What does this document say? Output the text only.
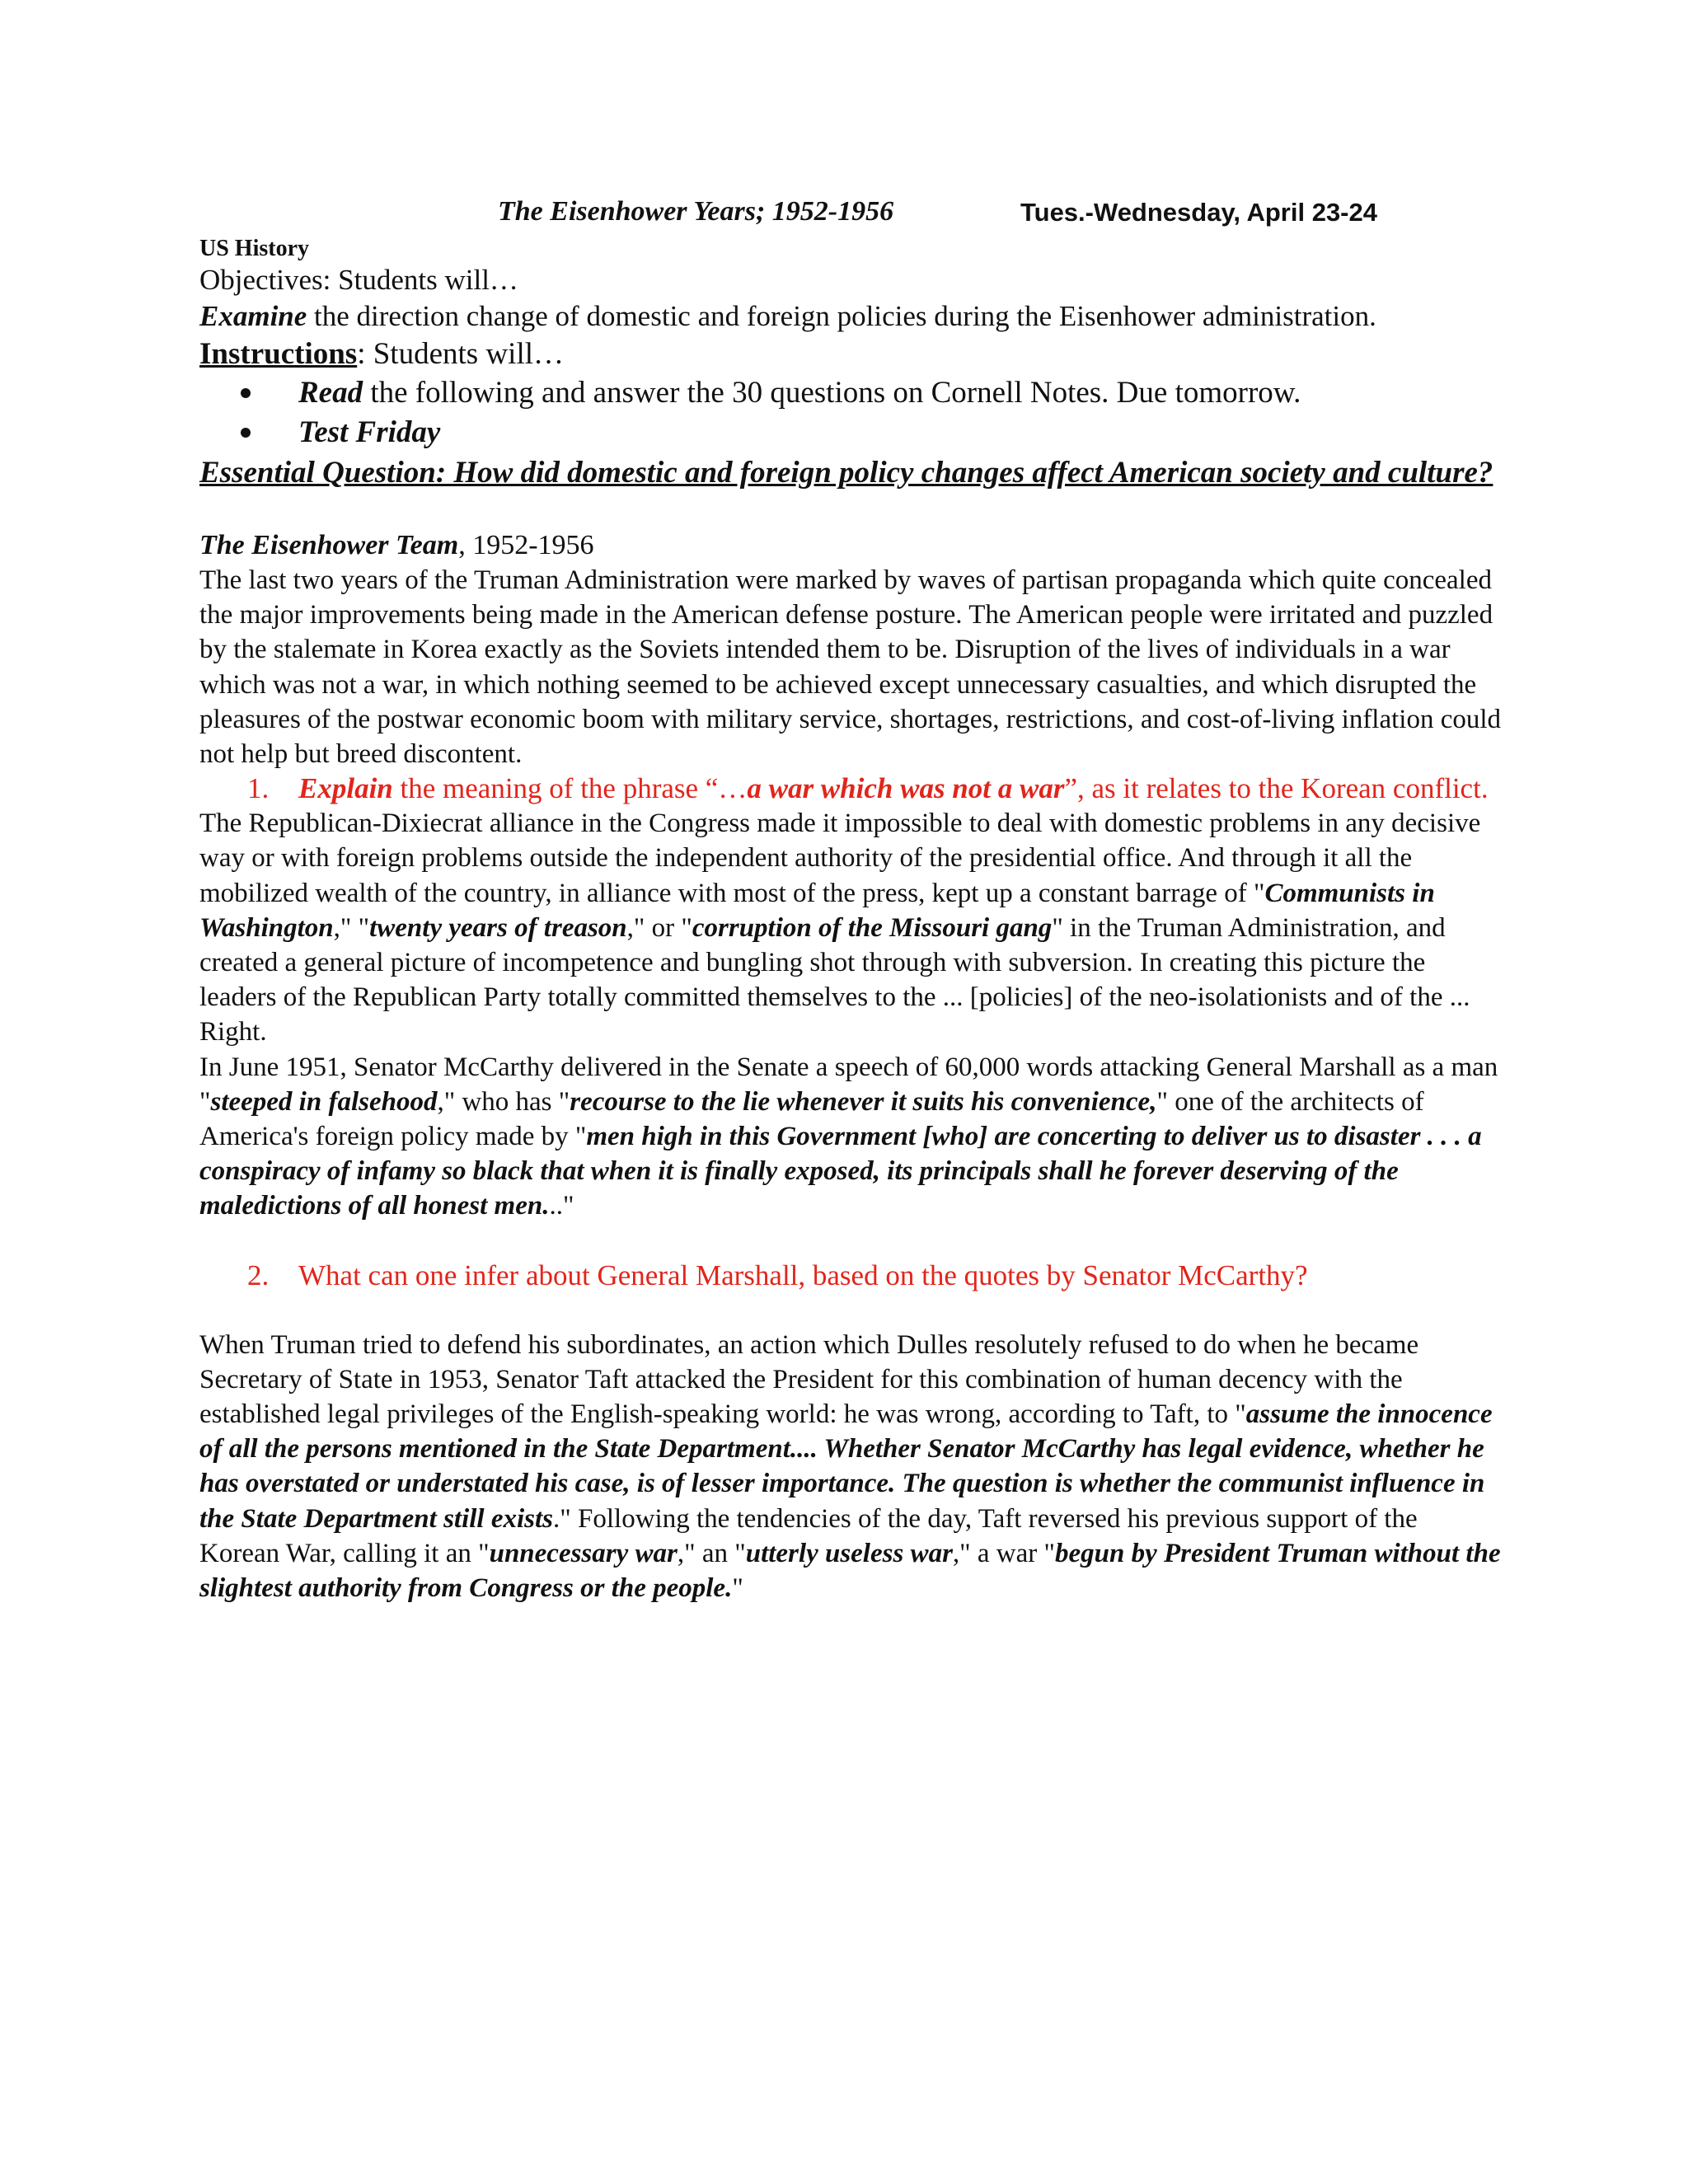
The Eisenhower Years; 1952-1956	Tues.-Wednesday, April 23-24
US History
Objectives: Students will…
Examine the direction change of domestic and foreign policies during the Eisenhower administration.
Instructions: Students will…
Read the following and answer the 30 questions on Cornell Notes. Due tomorrow.
Test Friday
Essential Question: How did domestic and foreign policy changes affect American society and culture?
The Eisenhower Team, 1952-1956
The last two years of the Truman Administration were marked by waves of partisan propaganda which quite concealed the major improvements being made in the American defense posture. The American people were irritated and puzzled by the stalemate in Korea exactly as the Soviets intended them to be. Disruption of the lives of individuals in a war which was not a war, in which nothing seemed to be achieved except unnecessary casualties, and which disrupted the pleasures of the postwar economic boom with military service, shortages, restrictions, and cost-of-living inflation could not help but breed discontent.
1. Explain the meaning of the phrase “…a war which was not a war”, as it relates to the Korean conflict.
The Republican-Dixiecrat alliance in the Congress made it impossible to deal with domestic problems in any decisive way or with foreign problems outside the independent authority of the presidential office. And through it all the mobilized wealth of the country, in alliance with most of the press, kept up a constant barrage of "Communists in Washington," "twenty years of treason," or "corruption of the Missouri gang" in the Truman Administration, and created a general picture of incompetence and bungling shot through with subversion. In creating this picture the leaders of the Republican Party totally committed themselves to the ... [policies] of the neo-isolationists and of the ... Right.
In June 1951, Senator McCarthy delivered in the Senate a speech of 60,000 words attacking General Marshall as a man "steeped in falsehood," who has "recourse to the lie whenever it suits his convenience," one of the architects of America's foreign policy made by "men high in this Government [who] are concerting to deliver us to disaster . . . a conspiracy of infamy so black that when it is finally exposed, its principals shall he forever deserving of the maledictions of all honest men..."
2. What can one infer about General Marshall, based on the quotes by Senator McCarthy?
When Truman tried to defend his subordinates, an action which Dulles resolutely refused to do when he became Secretary of State in 1953, Senator Taft attacked the President for this combination of human decency with the established legal privileges of the English-speaking world: he was wrong, according to Taft, to "assume the innocence of all the persons mentioned in the State Department.... Whether Senator McCarthy has legal evidence, whether he has overstated or understated his case, is of lesser importance. The question is whether the communist influence in the State Department still exists." Following the tendencies of the day, Taft reversed his previous support of the Korean War, calling it an "unnecessary war," an "utterly useless war," a war "begun by President Truman without the slightest authority from Congress or the people."
